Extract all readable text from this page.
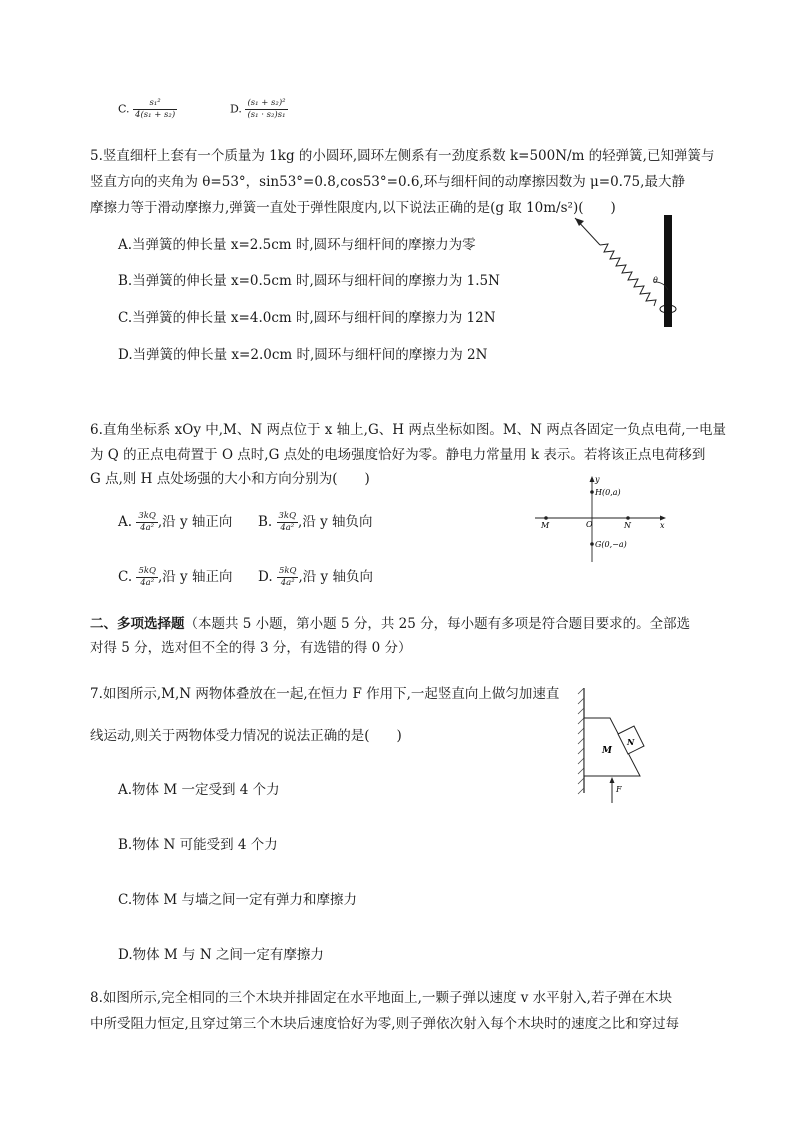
C. $\frac{\text{s₁²}}{\text{4(s₁ + s₂)}}$	D. $\frac{\text{(s₁ + s₂)²}}{\text{(s₁ · s₂)s₁}}$
5.竖直细杆上套有一个质量为 1kg 的小圆环,圆环左侧系有一劲度系数 k=500N/m 的轻弹簧,已知弹簧与
竖直方向的夹角为 θ=53°，sin53°=0.8,cos53°=0.6,环与细杆间的动摩擦因数为 μ=0.75,最大静
摩擦力等于滑动摩擦力,弹簧一直处于弹性限度内,以下说法正确的是(g 取 10m/s²)(　　)
A.当弹簧的伸长量 x=2.5cm 时,圆环与细杆间的摩擦力为零
B.当弹簧的伸长量 x=0.5cm 时,圆环与细杆间的摩擦力为 1.5N
C.当弹簧的伸长量 x=4.0cm 时,圆环与细杆间的摩擦力为 12N
D.当弹簧的伸长量 x=2.0cm 时,圆环与细杆间的摩擦力为 2N
θ
6.直角坐标系 xOy 中,M、N 两点位于 x 轴上,G、H 两点坐标如图。M、N 两点各固定一负点电荷,一电量
为 Q 的正点电荷置于 O 点时,G 点处的电场强度恰好为零。静电力常量用 k 表示。若将该正点电荷移到
G 点,则 H 点处场强的大小和方向分别为(　　)
A. $\frac{3kQ}{\text{4a²}}$ ,沿 y 轴正向 B. $\frac{3kQ}{\text{4a²}}$ ,沿 y 轴负向
C. $\frac{5kQ}{\text{4a²}}$ ,沿 y 轴正向 D. $\frac{5kQ}{\text{4a²}}$ ,沿 y 轴负向
y
x
O
M	N
H(0,a)
G(0,−a)
二、多项选择题（本题共 5 小题，第小题 5 分，共 25 分，每小题有多项是符合题目要求的。全部选
对得 5 分，选对但不全的得 3 分，有选错的得 0 分）
7.如图所示,M,N 两物体叠放在一起,在恒力 F 作用下,一起竖直向上做匀加速直
线运动,则关于两物体受力情况的说法正确的是(　　)
A.物体 M 一定受到 4 个力
B.物体 N 可能受到 4 个力
C.物体 M 与墙之间一定有弹力和摩擦力
D.物体 M 与 N 之间一定有摩擦力
M
N
F
8.如图所示,完全相同的三个木块并排固定在水平地面上,一颗子弹以速度 v 水平射入,若子弹在木块
中所受阻力恒定,且穿过第三个木块后速度恰好为零,则子弹依次射入每个木块时的速度之比和穿过每
